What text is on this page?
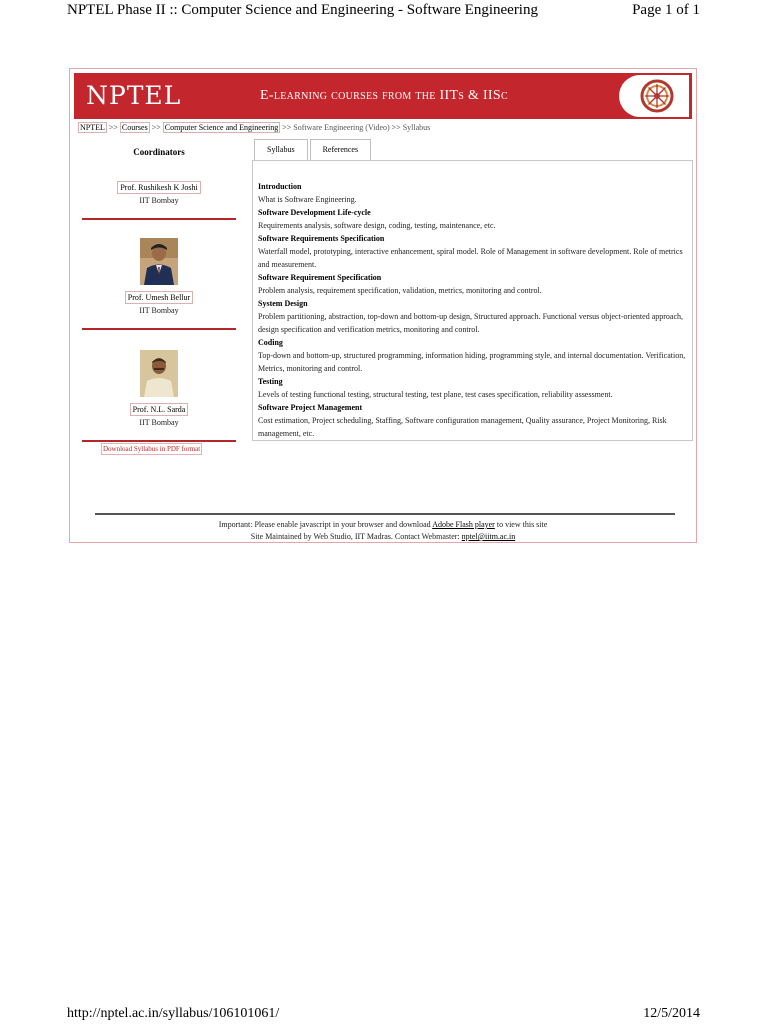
NPTEL Phase II :: Computer Science and Engineering - Software Engineering	Page 1 of 1
NPTEL	E-learning courses from the IITs & IISc
NPTEL >> Courses >> Computer Science and Engineering >> Software Engineering (Video) >> Syllabus
Coordinators
Prof. Rushikesh K Joshi
IIT Bombay
Prof. Umesh Bellur
IIT Bombay
Prof. N.L. Sarda
IIT Bombay
Download Syllabus in PDF format
Syllabus	References
Introduction
What is Software Engineering.
Software Development Life-cycle
Requirements analysis, software design, coding, testing, maintenance, etc.
Software Requirements Specification
Waterfall model, prototyping, interactive enhancement, spiral model. Role of Management in software development. Role of metrics and measurement.
Software Requirement Specification
Problem analysis, requirement specification, validation, metrics, monitoring and control.
System Design
Problem partitioning, abstraction, top-down and bottom-up design, Structured approach. Functional versus object-oriented approach, design specification and verification metrics, monitoring and control.
Coding
Top-down and bottom-up, structured programming, information hiding, programming style, and internal documentation. Verification, Metrics, monitoring and control.
Testing
Levels of testing functional testing, structural testing, test plane, test cases specification, reliability assessment.
Software Project Management
Cost estimation, Project scheduling, Staffing, Software configuration management, Quality assurance, Project Monitoring, Risk management, etc.
Important: Please enable javascript in your browser and download Adobe Flash player to view this site
Site Maintained by Web Studio, IIT Madras. Contact Webmaster: nptel@iitm.ac.in
http://nptel.ac.in/syllabus/106101061/	12/5/2014
